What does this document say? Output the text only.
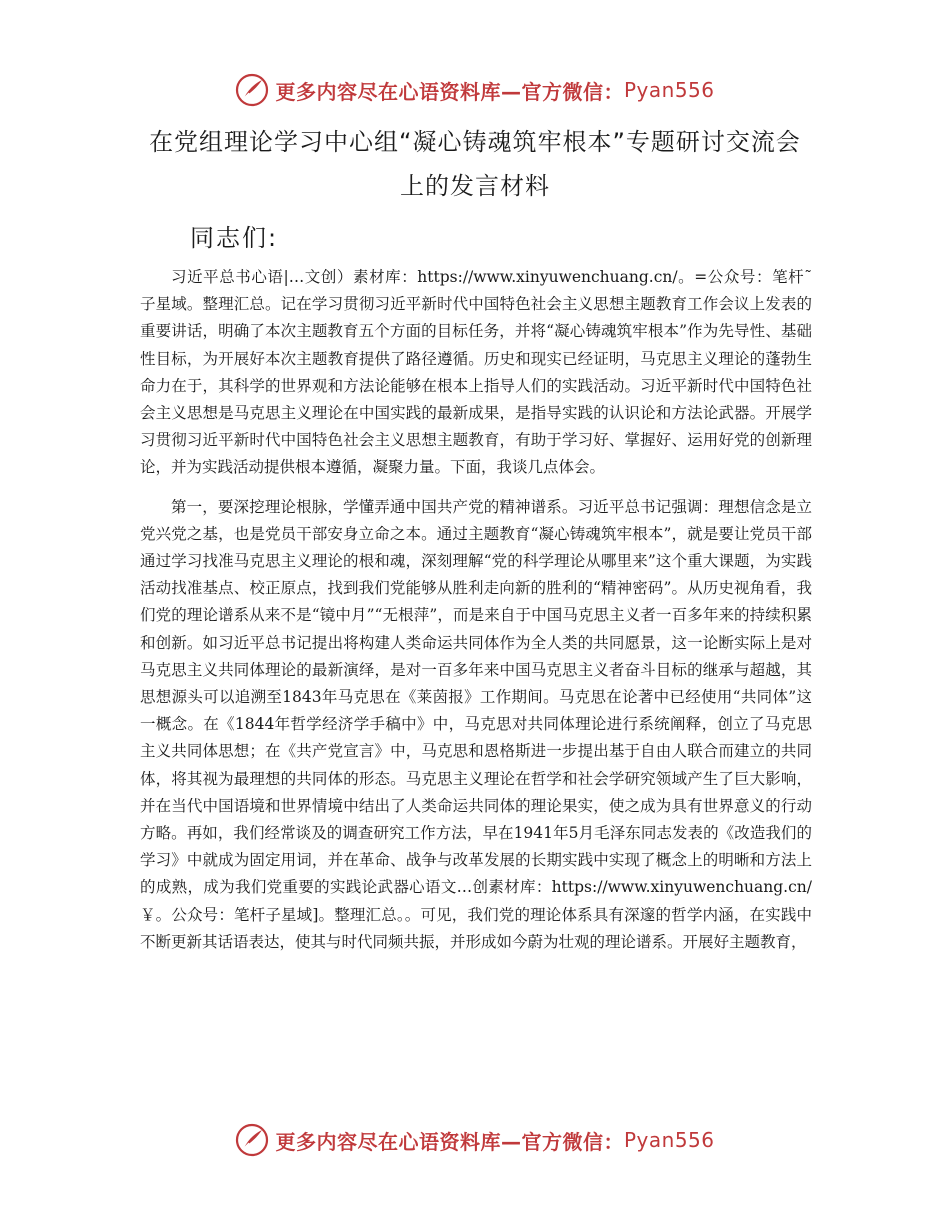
更多内容尽在心语资料库—官方微信： Pyan556
在党组理论学习中心组“凝心铸魂筑牢根本”专题研讨交流会上的发言材料
同志们:

习近平总书心语|…文创）素材库：https://www.xinyuwenchuang.cn/。=公众号：笔杆˜子星域。整理汇总。记在学习贯彻习近平新时代中国特色社会主义思想主题教育工作会议上发表的重要讲话，明确了本次主题教育五个方面的目标任务，并将“凝心铸魂筑牢根本”作为先导性、基础性目标，为开展好本次主题教育提供了路径遵循。历史和现实已经证明，马克思主义理论的蓬勃生命力在于，其科学的世界观和方法论能够在根本上指导人们的实践活动。习近平新时代中国特色社会主义思想是马克思主义理论在中国实践的最新成果，是指导实践的认识论和方法论武器。开展学习贯彻习近平新时代中国特色社会主义思想主题教育，有助于学习好、掌握好、运用好党的创新理论，并为实践活动提供根本遵循，凝聚力量。下面，我谈几点体会。

第一，要深挖理论根脉，学懂弄通中国共产党的精神谱系。习近平总书记强调：理想信念是立党兴党之基，也是党员干部安身立命之本。通过主题教育“凝心铸魂筑牢根本”，就是要让党员干部通过学习找准马克思主义理论的根和魂，深刻理解“党的科学理论从哪里来”这个重大课题，为实践活动找准基点、校正原点，找到我们党能够从胜利走向新的胜利的“精神密码”。从历史视角看，我们党的理论谱系从来不是“镜中月”“无根萍”，而是来自于中国马克思主义者一百多年来的持续积累和创新。如习近平总书记提出将构建人类命运共同体作为全人类的共同愿景，这一论断实际上是对马克思主义共同体理论的最新演绎，是对一百多年来中国马克思主义者奋斗目标的继承与超越，其思想源头可以追溯至1843年马克思在《莱茵报》工作期间。马克思在论著中已经使用“共同体”这一概念。在《1844年哲学经济学手稿中》中，马克思对共同体理论进行系统阐释，创立了马克思主义共同体思想；在《共产党宣言》中，马克思和恩格斯进一步提出基于自由人联合而建立的共同体，将其视为最理想的共同体的形态。马克思主义理论在哲学和社会学研究领域产生了巨大影响，并在当代中国语境和世界情境中结出了人类命运共同体的理论果实，使之成为具有世界意义的行动方略。再如，我们经常谈及的调查研究工作方法，早在1941年5月毛泽东同志发表的《改造我们的学习》中就成为固定用词，并在革命、战争与改革发展的长期实践中实现了概念上的明晰和方法上的成熟，成为我们党重要的实践论武器心语文…创素材库：https://www.xinyuwenchuang.cn/￥。公众号：笔杆子星域]。整理汇总。。可见，我们党的理论体系具有深邃的哲学内涵，在实践中不断更新其话语表达，使其与时代同频共振，并形成如今蔚为壮观的理论谱系。开展好主题教育，

更多内容尽在心语资料库—官方微信： Pyan556
